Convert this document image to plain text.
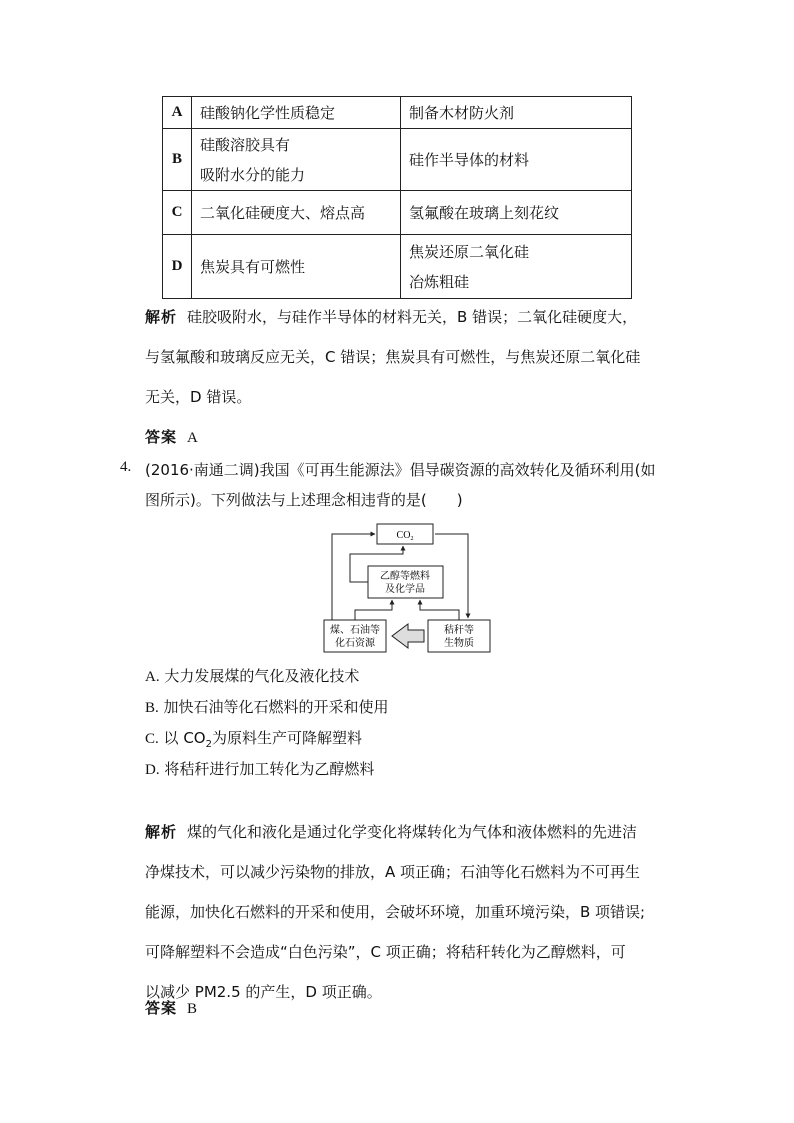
A	硅酸钠化学性质稳定	制备木材防火剂

B	硅酸溶胶具有
吸附水分的能力	硅作半导体的材料

C	二氧化硅硬度大、熔点高	氢氟酸在玻璃上刻花纹

D	焦炭具有可燃性	焦炭还原二氧化硅
冶炼粗硅
解析 硅胶吸附水，与硅作半导体的材料无关，B 错误；二氧化硅硬度大，
与氢氟酸和玻璃反应无关，C 错误；焦炭具有可燃性，与焦炭还原二氧化硅
无关，D 错误。
答案 A
4. (2016·南通二调)我国《可再生能源法》倡导碳资源的高效转化及循环利用(如
图所示)。下列做法与上述理念相违背的是(　　)
$CO_2$
乙醇等燃料
及化学品
煤、石油等
化石资源
秸秆等
生物质
A. 大力发展煤的气化及液化技术
B. 加快石油等化石燃料的开采和使用
C. 以 $CO_2$为原料生产可降解塑料
D. 将秸秆进行加工转化为乙醇燃料
解析 煤的气化和液化是通过化学变化将煤转化为气体和液体燃料的先进洁
净煤技术，可以减少污染物的排放，A 项正确；石油等化石燃料为不可再生
能源，加快化石燃料的开采和使用，会破坏环境，加重环境污染，B 项错误;
可降解塑料不会造成“白色污染”，C 项正确；将秸秆转化为乙醇燃料，可
以减少 PM2.5 的产生，D 项正确。
答案 B
